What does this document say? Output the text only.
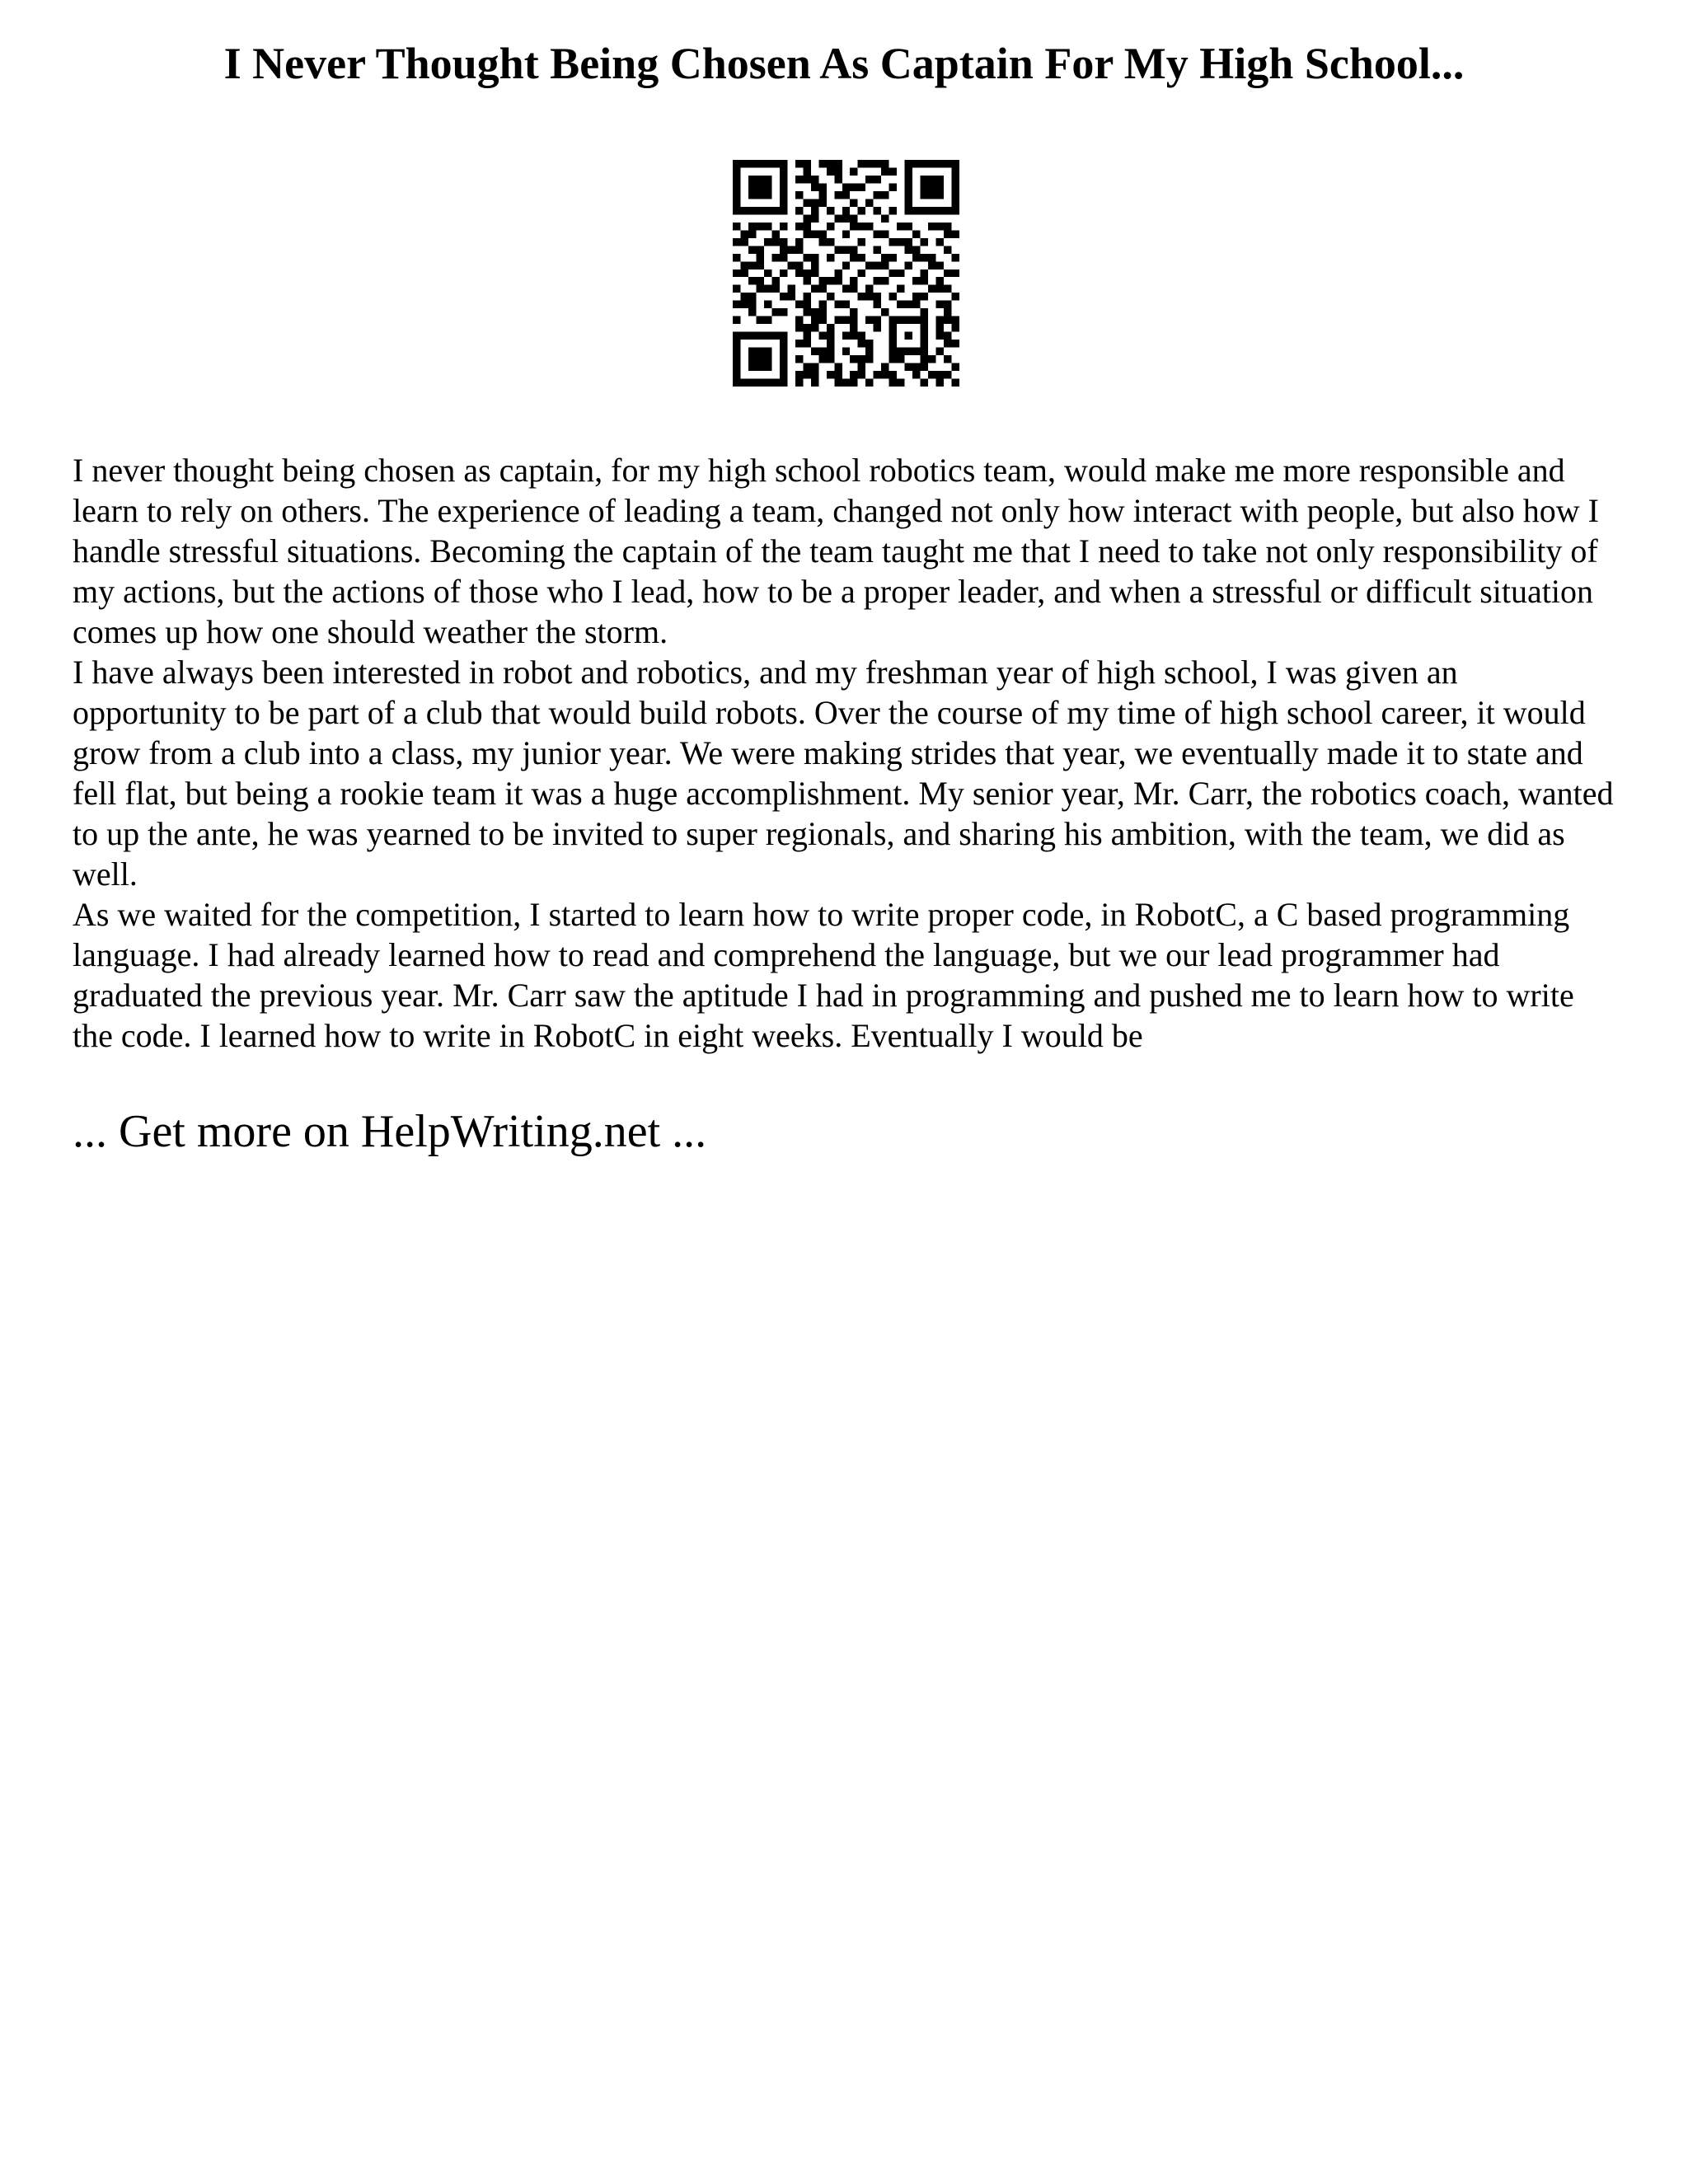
I Never Thought Being Chosen As Captain For My High School...

I never thought being chosen as captain, for my high school robotics team, would make me more responsible and learn to rely on others. The experience of leading a team, changed not only how interact with people, but also how I handle stressful situations. Becoming the captain of the team taught me that I need to take not only responsibility of my actions, but the actions of those who I lead, how to be a proper leader, and when a stressful or difficult situation comes up how one should weather the storm.

I have always been interested in robot and robotics, and my freshman year of high school, I was given an opportunity to be part of a club that would build robots. Over the course of my time of high school career, it would grow from a club into a class, my junior year. We were making strides that year, we eventually made it to state and fell flat, but being a rookie team it was a huge accomplishment. My senior year, Mr. Carr, the robotics coach, wanted to up the ante, he was yearned to be invited to super regionals, and sharing his ambition, with the team, we did as well.

As we waited for the competition, I started to learn how to write proper code, in RobotC, a C based programming language. I had already learned how to read and comprehend the language, but we our lead programmer had graduated the previous year. Mr. Carr saw the aptitude I had in programming and pushed me to learn how to write the code. I learned how to write in RobotC in eight weeks. Eventually I would be

... Get more on HelpWriting.net ...
